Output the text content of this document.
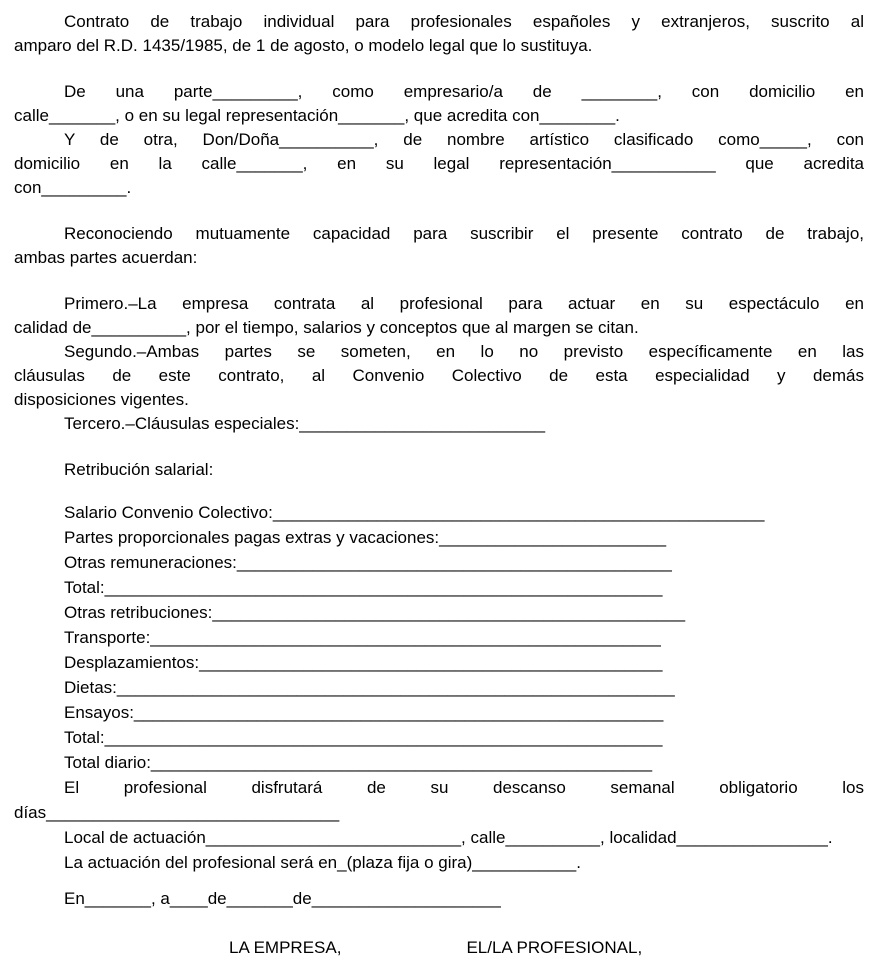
Contrato de trabajo individual para profesionales españoles y extranjeros, suscrito al
amparo del R.D. 1435/1985, de 1 de agosto, o modelo legal que lo sustituya.
De una parte_________, como empresario/a de ________, con domicilio en
calle_______, o en su legal representación_______, que acredita con________.
Y de otra, Don/Doña__________, de nombre artístico clasificado como_____, con
domicilio en la calle_______, en su legal representación___________ que acredita
con_________.
Reconociendo mutuamente capacidad para suscribir el presente contrato de trabajo,
ambas partes acuerdan:
Primero.–La empresa contrata al profesional para actuar en su espectáculo en
calidad de__________, por el tiempo, salarios y conceptos que al margen se citan.
Segundo.–Ambas partes se someten, en lo no previsto específicamente en las
cláusulas de este contrato, al Convenio Colectivo de esta especialidad y demás
disposiciones vigentes.
Tercero.–Cláusulas especiales:__________________________
Retribución salarial:
Salario Convenio Colectivo:____________________________________________________
Partes proporcionales pagas extras y vacaciones:________________________
Otras remuneraciones:______________________________________________
Total:___________________________________________________________
Otras retribuciones:__________________________________________________
Transporte:______________________________________________________
Desplazamientos:_________________________________________________
Dietas:___________________________________________________________
Ensayos:________________________________________________________
Total:___________________________________________________________
Total diario:_____________________________________________________
El profesional disfrutará de su descanso semanal obligatorio los
días_______________________________
Local de actuación___________________________, calle__________, localidad________________.
La actuación del profesional será en_(plaza fija o gira)___________.
En_______, a____de_______de____________________
LA EMPRESA,	EL/LA PROFESIONAL,
